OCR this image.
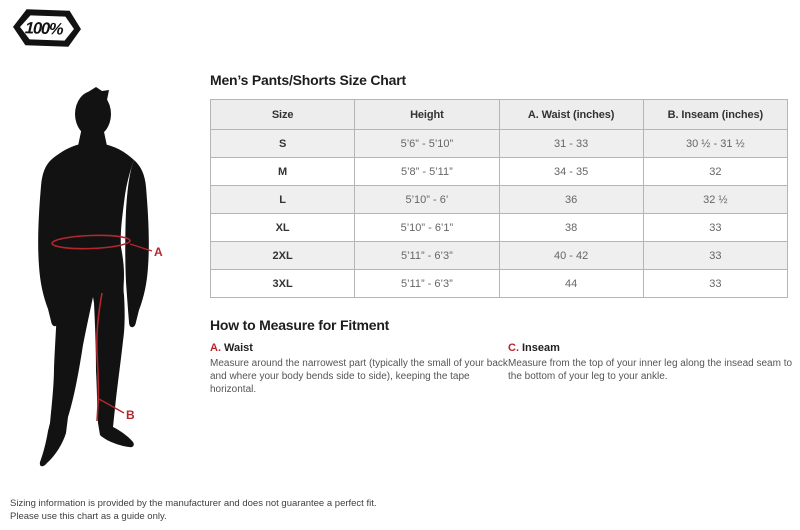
100%
A
B
Men’s Pants/Shorts Size Chart
Size	Height	A. Waist (inches)	B. Inseam (inches)
S	5’6” - 5’10”	31 - 33	30 ½ - 31 ½
M	5’8” - 5’11”	34 - 35	32
L	5’10” - 6’	36	32 ½
XL	5’10” - 6’1”	38	33
2XL	5’11” - 6’3”	40 - 42	33
3XL	5’11” - 6’3”	44	33
How to Measure for Fitment
A. Waist
Measure around the narrowest part (typically the small of your back and where your body bends side to side), keeping the tape horizontal.
C. Inseam
Measure from the top of your inner leg along the insead seam to the bottom of your leg to your ankle.
Sizing information is provided by the manufacturer and does not guarantee a perfect fit.
Please use this chart as a guide only.
